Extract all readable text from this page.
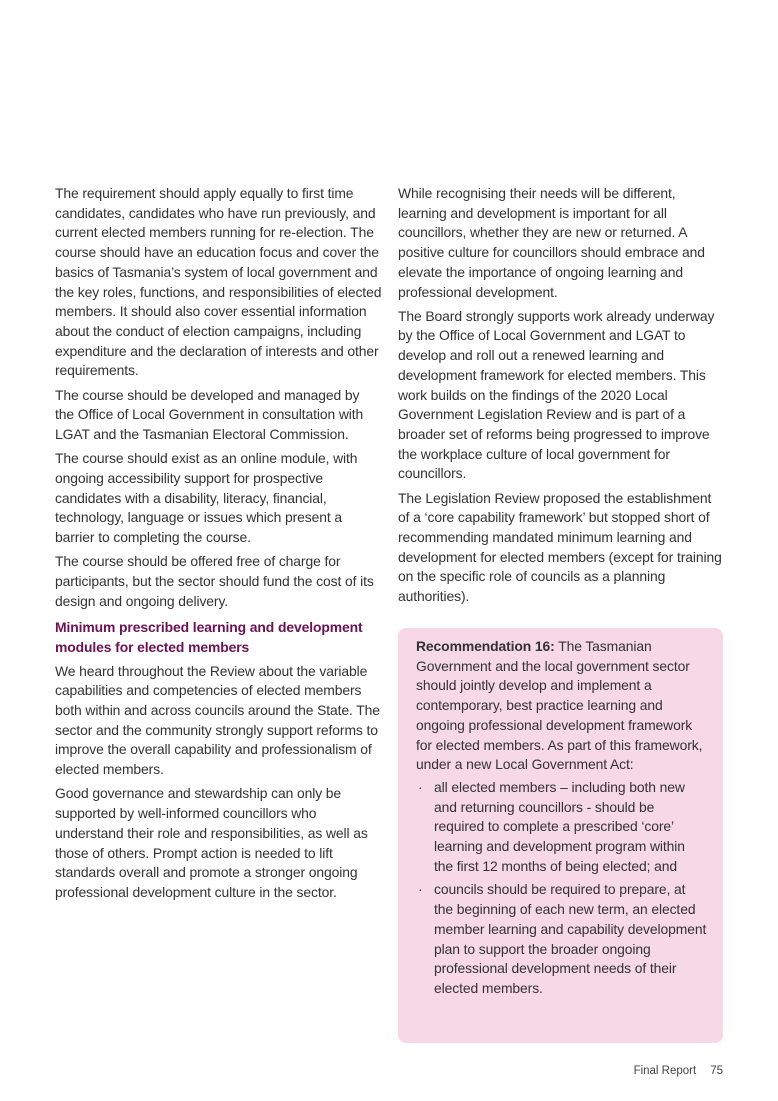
The requirement should apply equally to first time candidates, candidates who have run previously, and current elected members running for re-election. The course should have an education focus and cover the basics of Tasmania’s system of local government and the key roles, functions, and responsibilities of elected members. It should also cover essential information about the conduct of election campaigns, including expenditure and the declaration of interests and other requirements.

The course should be developed and managed by the Office of Local Government in consultation with LGAT and the Tasmanian Electoral Commission.

The course should exist as an online module, with ongoing accessibility support for prospective candidates with a disability, literacy, financial, technology, language or issues which present a barrier to completing the course.

The course should be offered free of charge for participants, but the sector should fund the cost of its design and ongoing delivery.

Minimum prescribed learning and development modules for elected members

We heard throughout the Review about the variable capabilities and competencies of elected members both within and across councils around the State. The sector and the community strongly support reforms to improve the overall capability and professionalism of elected members.

Good governance and stewardship can only be supported by well-informed councillors who understand their role and responsibilities, as well as those of others. Prompt action is needed to lift standards overall and promote a stronger ongoing professional development culture in the sector.

While recognising their needs will be different, learning and development is important for all councillors, whether they are new or returned. A positive culture for councillors should embrace and elevate the importance of ongoing learning and professional development.

The Board strongly supports work already underway by the Office of Local Government and LGAT to develop and roll out a renewed learning and development framework for elected members. This work builds on the findings of the 2020 Local Government Legislation Review and is part of a broader set of reforms being progressed to improve the workplace culture of local government for councillors.

The Legislation Review proposed the establishment of a ‘core capability framework’ but stopped short of recommending mandated minimum learning and development for elected members (except for training on the specific role of councils as a planning authorities).

Recommendation 16: The Tasmanian Government and the local government sector should jointly develop and implement a contemporary, best practice learning and ongoing professional development framework for elected members. As part of this framework, under a new Local Government Act:

· all elected members – including both new and returning councillors - should be required to complete a prescribed ‘core’ learning and development program within the first 12 months of being elected; and
· councils should be required to prepare, at the beginning of each new term, an elected member learning and capability development plan to support the broader ongoing professional development needs of their elected members.
Final Report 75
